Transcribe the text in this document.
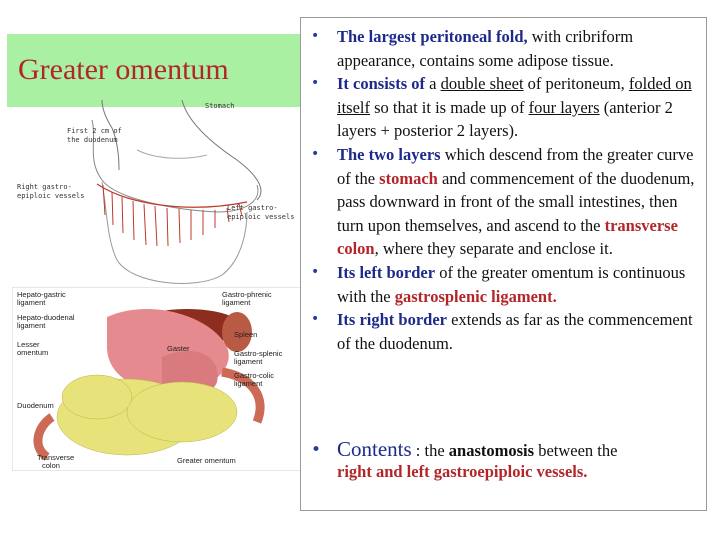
Greater omentum
Stomach
First 2 cm of
the duodenum
Right gastro-
epiploic vessels
Left gastro-
epiploic vessels
Hepato-gastric
ligament
Hepato-duodenal
ligament
Lesser
omentum
Duodenum
Transverse
colon
Gastro-phrenic
ligament
Spleen
Gaster
Gastro-splenic
ligament
Gastro-colic
ligament
Greater omentum
• The largest peritoneal fold, with cribriform appearance, contains some adipose tissue.
• It consists of a double sheet of peritoneum, folded on itself so that it is made up of four layers (anterior 2 layers + posterior 2 layers).
• The two layers which descend from the greater curve of the stomach and commencement of the duodenum, pass downward in front of the small intestines, then turn upon themselves, and ascend to the transverse colon, where they separate and enclose it.
• Its left border of the greater omentum is continuous with the gastrosplenic ligament.
• Its right border extends as far as the commencement of the duodenum.
• Contents : the anastomosis between the
right and left gastroepiploic vessels.
